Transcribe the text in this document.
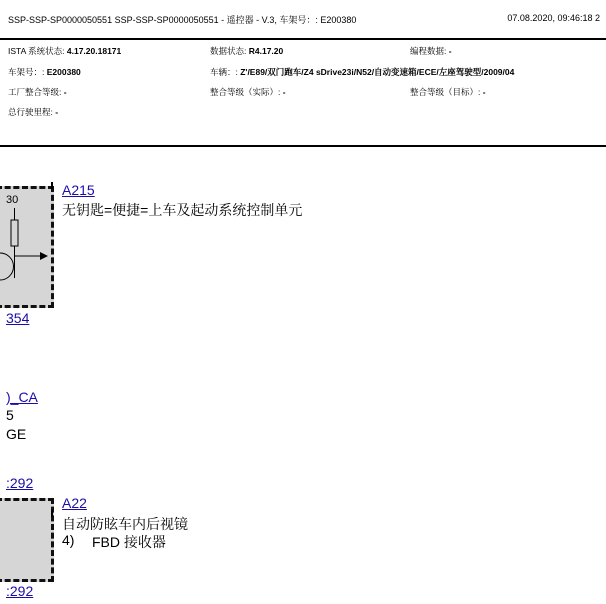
SSP-SSP-SP0000050551 SSP-SSP-SP0000050551 - 遥控器 - V.3, 车架号：: E200380	07.08.2020, 09:46:18 2
ISTA 系统状态: 4.17.20.18171	数据状态: R4.17.20	编程数据: -
车架号：: E200380	车辆：: Z'/E89/双门跑车/Z4 sDrive23i/N52/自动变速箱/ECE/左座驾驶型/2009/04
工厂整合等级: -	整合等级（实际）: -	整合等级（目标）: -
总行驶里程: -
30
A215
无钥匙=便捷=上车及起动系统控制单元
354
)_CA
5
GE
:292
A22
自动防眩车内后视镜
4) FBD 接收器
:292
